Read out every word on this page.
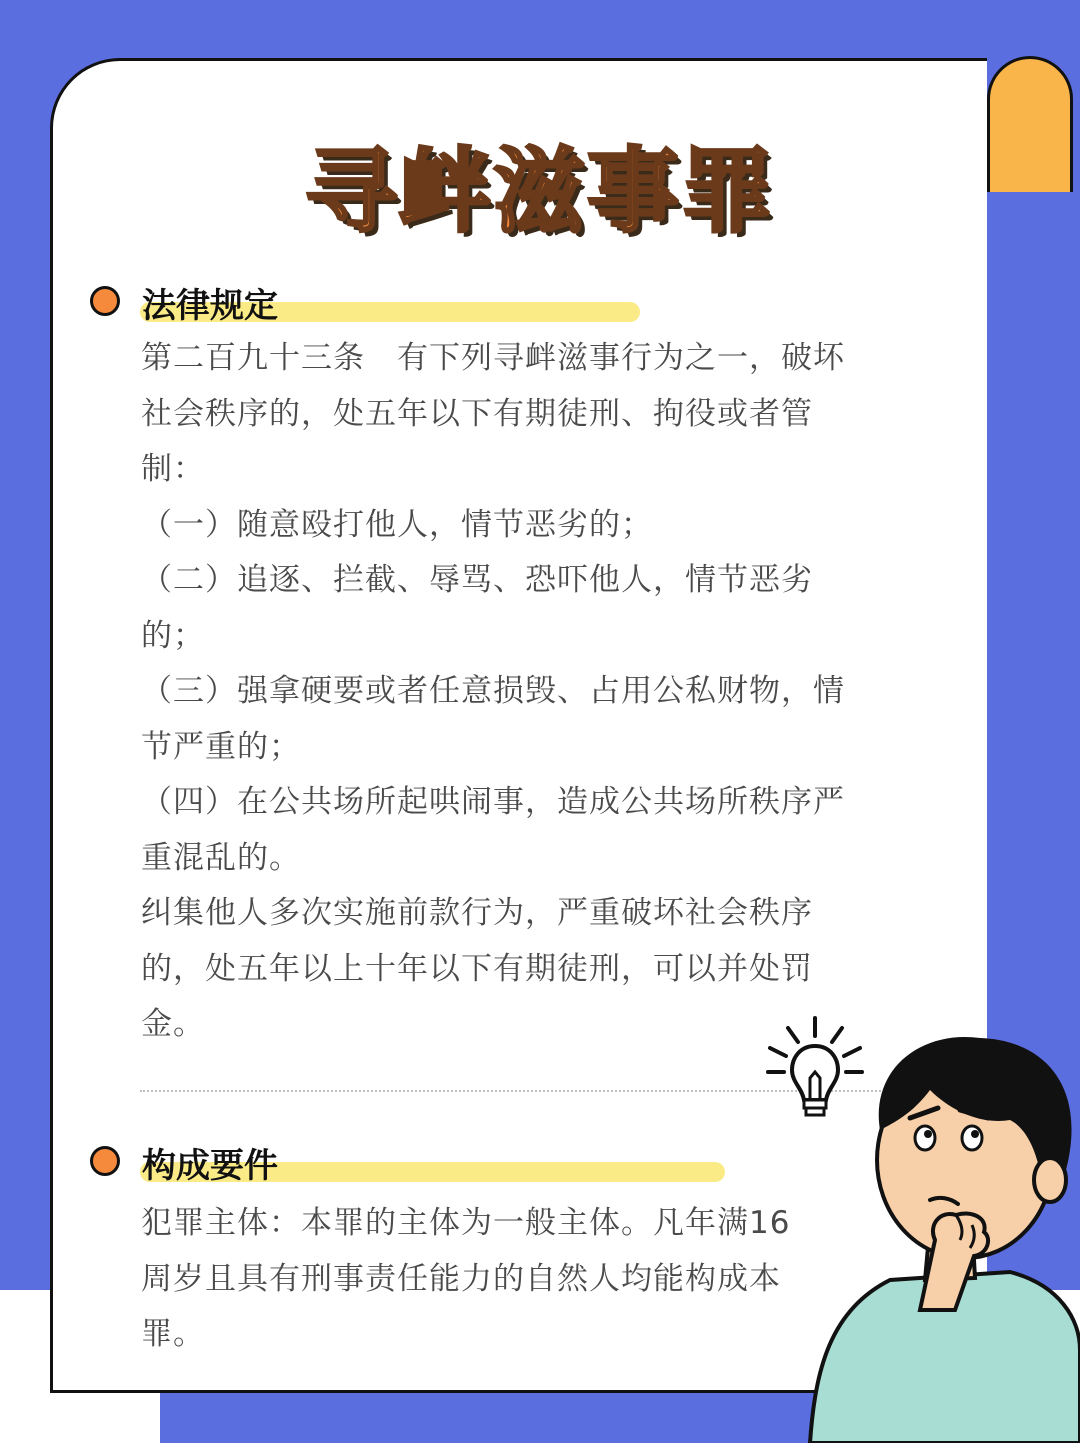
寻衅滋事罪
法律规定

第二百九十三条　有下列寻衅滋事行为之一，破坏

社会秩序的，处五年以下有期徒刑、拘役或者管

制：

（一）随意殴打他人，情节恶劣的；

（二）追逐、拦截、辱骂、恐吓他人，情节恶劣

的；

（三）强拿硬要或者任意损毁、占用公私财物，情

节严重的；

（四）在公共场所起哄闹事，造成公共场所秩序严

重混乱的。

纠集他人多次实施前款行为，严重破坏社会秩序

的，处五年以上十年以下有期徒刑，可以并处罚

金。

构成要件

犯罪主体：本罪的主体为一般主体。凡年满16

周岁且具有刑事责任能力的自然人均能构成本

罪。
